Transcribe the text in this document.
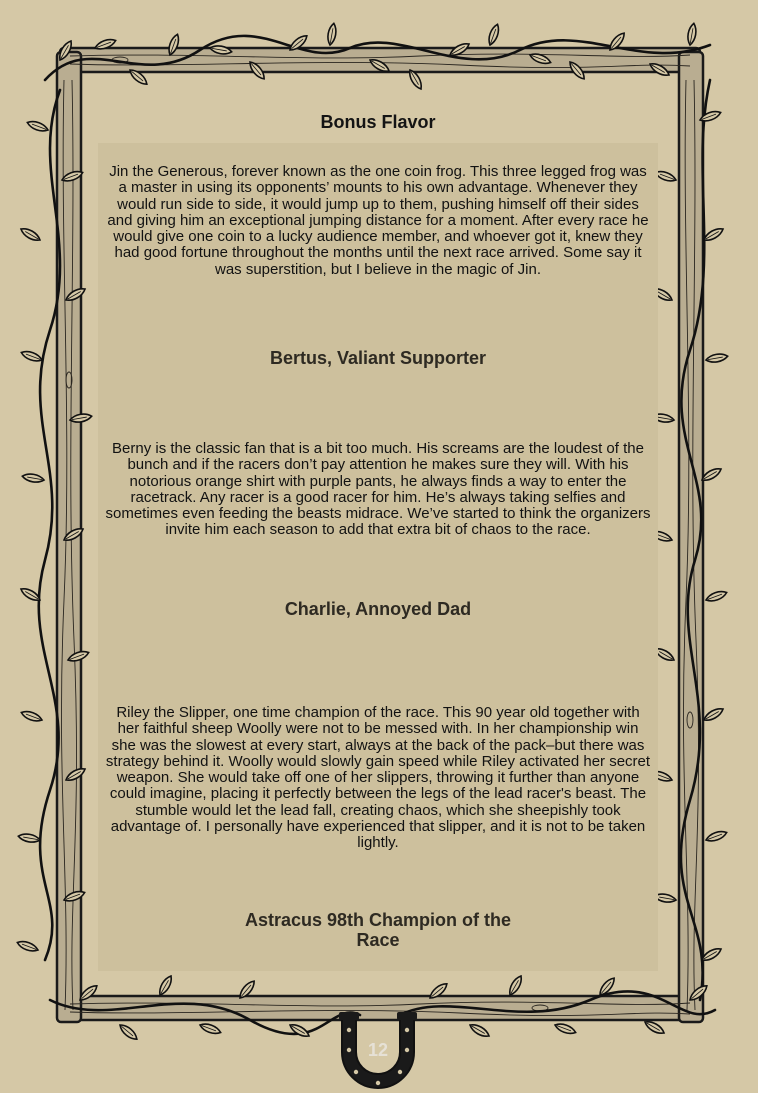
Bonus Flavor
Jin the Generous, forever known as the one coin frog. This three legged frog was a master in using its opponents’ mounts to his own advantage. Whenever they would run side to side, it would jump up to them, pushing himself off their sides and giving him an exceptional jumping distance for a moment. After every race he would give one coin to a lucky audience member, and whoever got it, knew they had good fortune throughout the months until the next race arrived. Some say it was superstition, but I believe in the magic of Jin.
Bertus, Valiant Supporter
Berny is the classic fan that is a bit too much. His screams are the loudest of the bunch and if the racers don’t pay attention he makes sure they will. With his notorious orange shirt with purple pants, he always finds a way to enter the racetrack. Any racer is a good racer for him. He’s always taking selfies and sometimes even feeding the beasts midrace. We’ve started to think the organizers invite him each season to add that extra bit of chaos to the race.
Charlie, Annoyed Dad
Riley the Slipper, one time champion of the race. This 90 year old together with her faithful sheep Woolly were not to be messed with. In her championship win she was the slowest at every start, always at the back of the pack–but there was strategy behind it. Woolly would slowly gain speed while Riley activated her secret weapon. She would take off one of her slippers, throwing it further than anyone could imagine, placing it perfectly between the legs of the lead racer's beast. The stumble would let the lead fall, creating chaos, which she sheepishly took advantage of. I personally have experienced that slipper, and it is not to be taken lightly.
Astracus 98th Champion of the Race
12
